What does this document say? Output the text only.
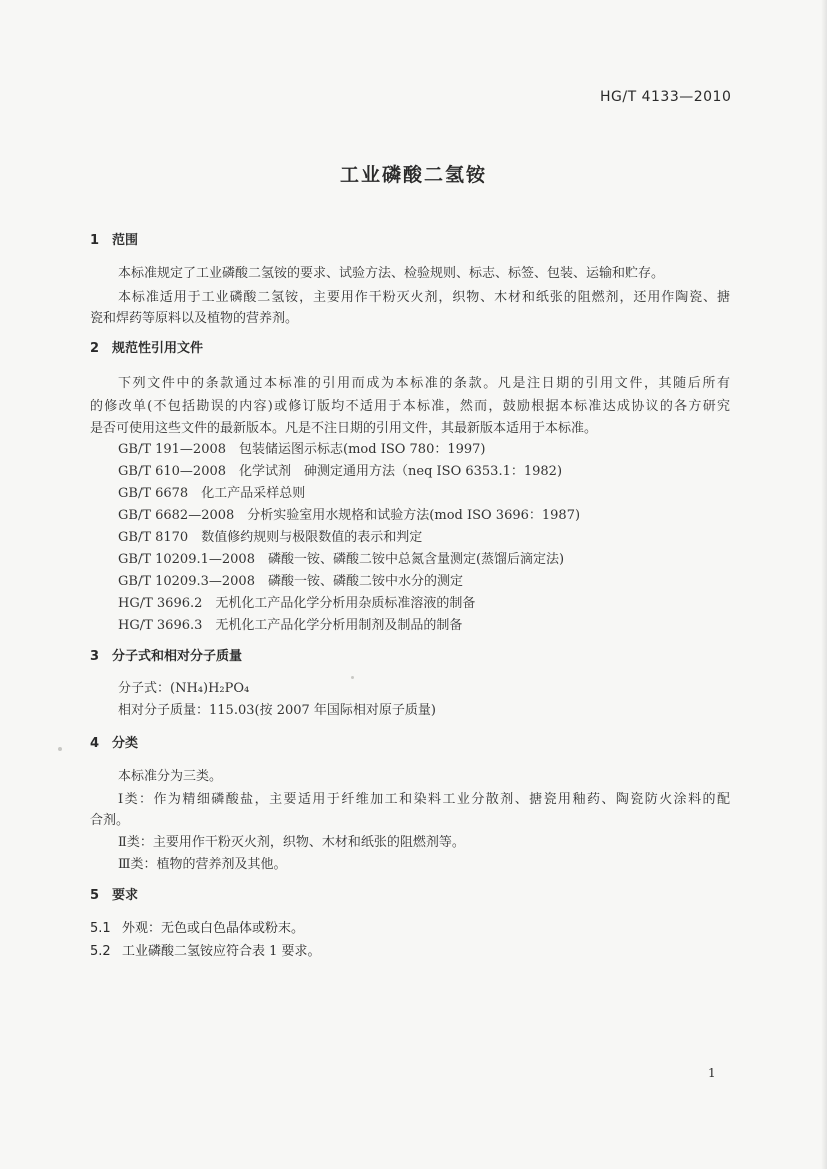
HG/T 4133—2010
工业磷酸二氢铵
1 范围
本标准规定了工业磷酸二氢铵的要求、试验方法、检验规则、标志、标签、包装、运输和贮存。
本标准适用于工业磷酸二氢铵，主要用作干粉灭火剂，织物、木材和纸张的阻燃剂，还用作陶瓷、搪
瓷和焊药等原料以及植物的营养剂。
2 规范性引用文件
下列文件中的条款通过本标准的引用而成为本标准的条款。凡是注日期的引用文件，其随后所有
的修改单(不包括勘误的内容)或修订版均不适用于本标准，然而，鼓励根据本标准达成协议的各方研究
是否可使用这些文件的最新版本。凡是不注日期的引用文件，其最新版本适用于本标准。
GB/T 191—2008　包装储运图示标志(mod ISO 780：1997)
GB/T 610—2008　化学试剂　砷测定通用方法（neq ISO 6353.1：1982)
GB/T 6678　化工产品采样总则
GB/T 6682—2008　分析实验室用水规格和试验方法(mod ISO 3696：1987)
GB/T 8170　数值修约规则与极限数值的表示和判定
GB/T 10209.1—2008　磷酸一铵、磷酸二铵中总氮含量测定(蒸馏后滴定法)
GB/T 10209.3—2008　磷酸一铵、磷酸二铵中水分的测定
HG/T 3696.2　无机化工产品化学分析用杂质标准溶液的制备
HG/T 3696.3　无机化工产品化学分析用制剂及制品的制备
3 分子式和相对分子质量
分子式：(NH₄)H₂PO₄
相对分子质量：115.03(按 2007 年国际相对原子质量)
4 分类
本标准分为三类。
Ⅰ类：作为精细磷酸盐，主要适用于纤维加工和染料工业分散剂、搪瓷用釉药、陶瓷防火涂料的配
合剂。
Ⅱ类：主要用作干粉灭火剂，织物、木材和纸张的阻燃剂等。
Ⅲ类：植物的营养剂及其他。
5 要求
5.1 外观：无色或白色晶体或粉末。
5.2 工业磷酸二氢铵应符合表 1 要求。
1
